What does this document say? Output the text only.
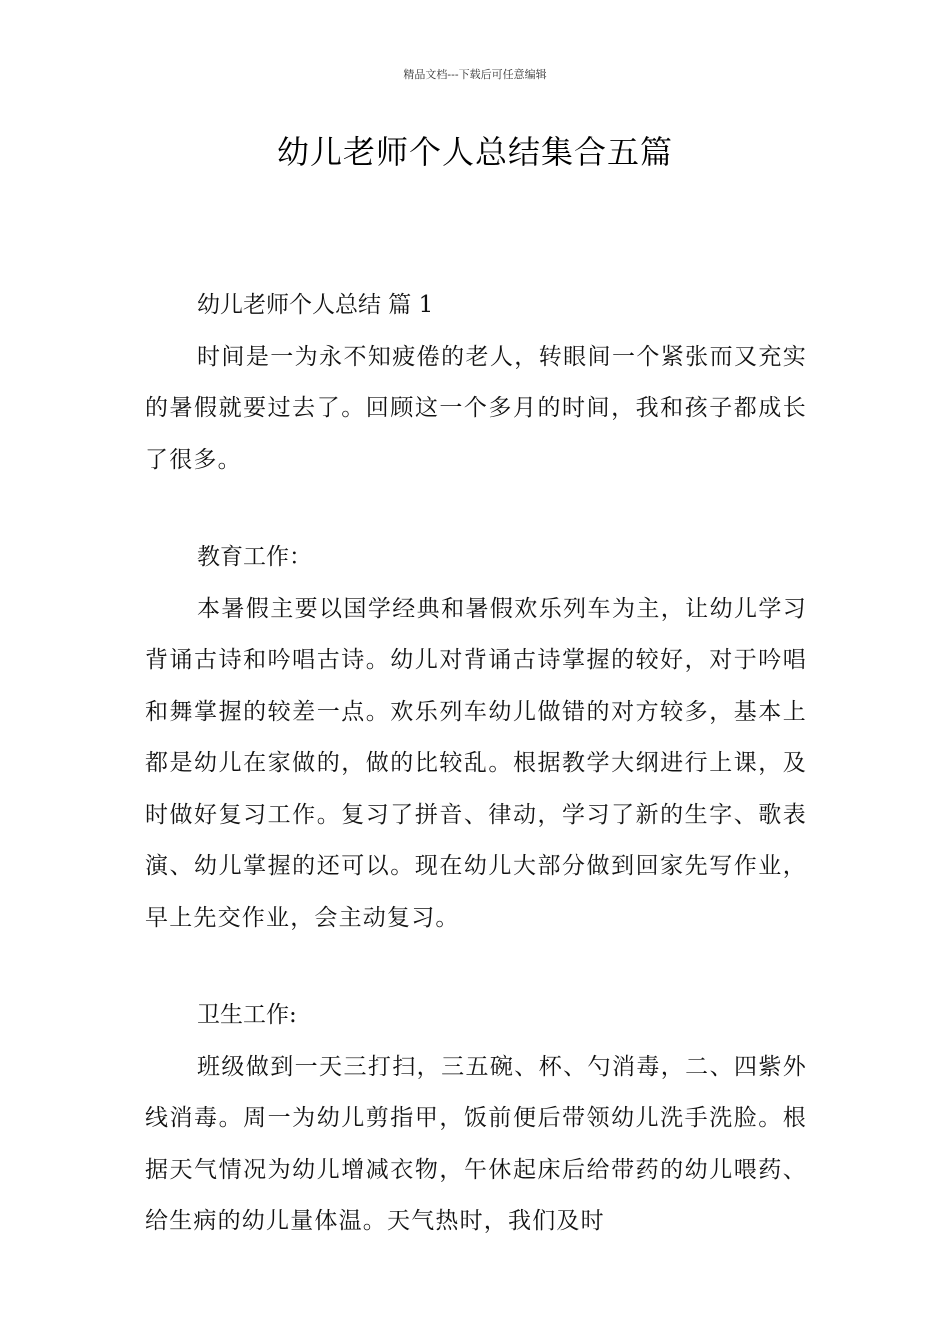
精品文档---下载后可任意编辑
幼儿老师个人总结集合五篇

幼儿老师个人总结 篇 1

时间是一为永不知疲倦的老人，转眼间一个紧张而又充实的暑假就要过去了。回顾这一个多月的时间，我和孩子都成长了很多。

教育工作：

本暑假主要以国学经典和暑假欢乐列车为主，让幼儿学习背诵古诗和吟唱古诗。幼儿对背诵古诗掌握的较好，对于吟唱和舞掌握的较差一点。欢乐列车幼儿做错的对方较多，基本上都是幼儿在家做的，做的比较乱。根据教学大纲进行上课，及时做好复习工作。复习了拼音、律动，学习了新的生字、歌表演、幼儿掌握的还可以。现在幼儿大部分做到回家先写作业，早上先交作业，会主动复习。

卫生工作:

班级做到一天三打扫，三五碗、杯、勺消毒，二、四紫外线消毒。周一为幼儿剪指甲，饭前便后带领幼儿洗手洗脸。根据天气情况为幼儿增减衣物，午休起床后给带药的幼儿喂药、给生病的幼儿量体温。天气热时，我们及时
